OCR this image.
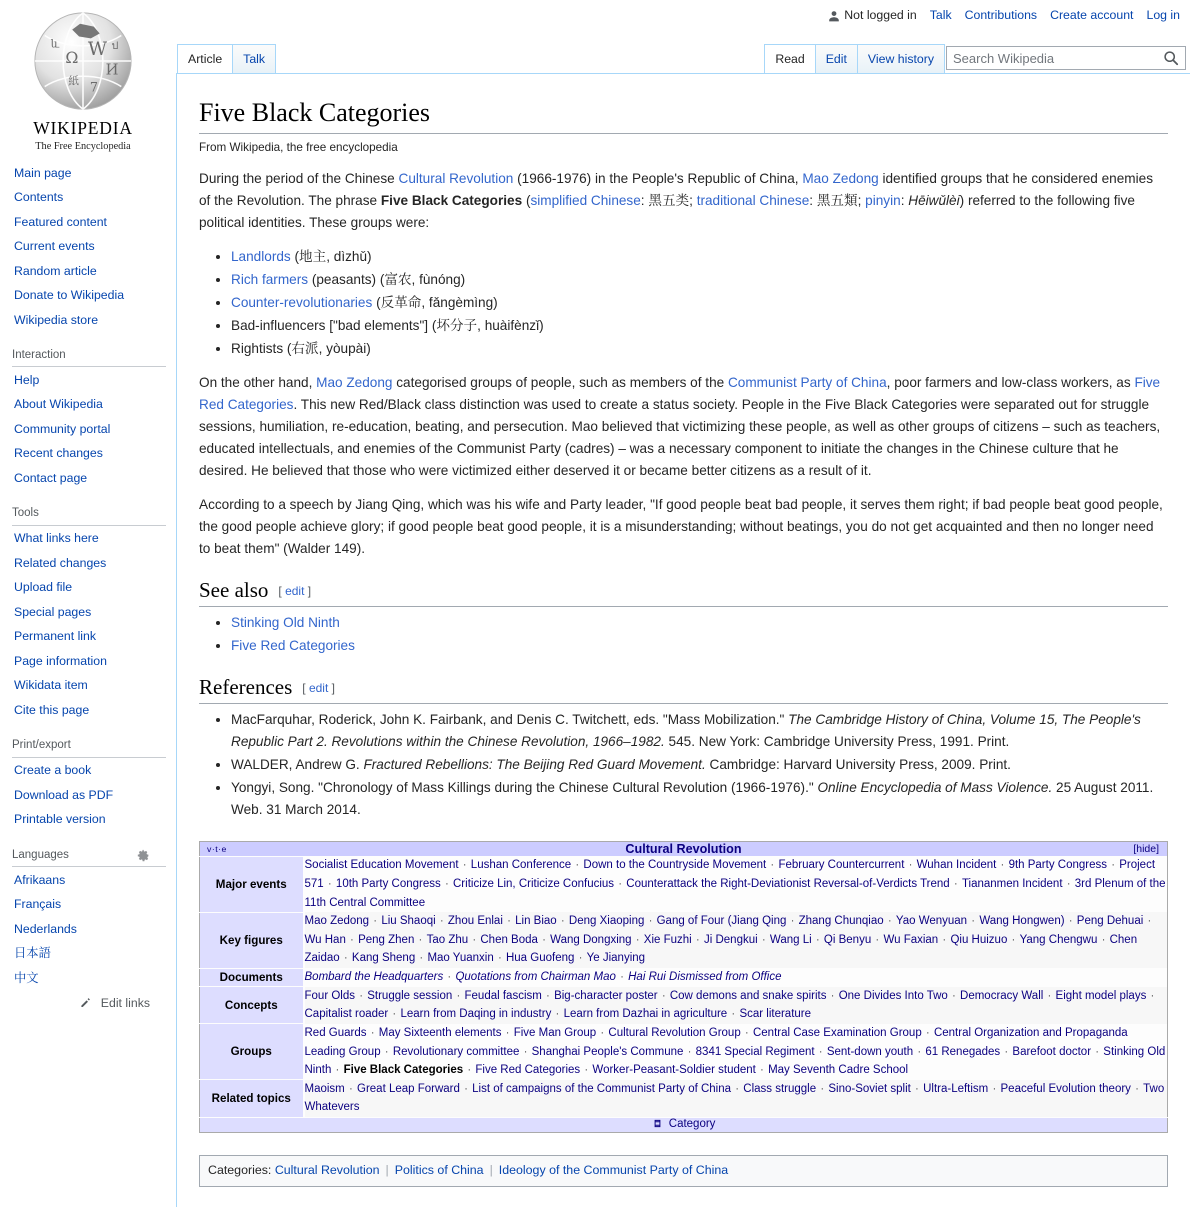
Not logged in Talk Contributions Create account Log in
W
Ω
И
紙 7
և	ป
WIKIPEDIA
The Free Encyclopedia
Main page
Contents
Featured content
Current events
Random article
Donate to Wikipedia
Wikipedia store
Interaction
Help
About Wikipedia
Community portal
Recent changes
Contact page
Tools
What links here
Related changes
Upload file
Special pages
Permanent link
Page information
Wikidata item
Cite this page
Print/export
Create a book
Download as PDF
Printable version
Languages
Afrikaans
Français
Nederlands
日本語
中文
Edit links
Article Talk	Read Edit View history
Search Wikipedia
Five Black Categories
From Wikipedia, the free encyclopedia

During the period of the Chinese Cultural Revolution (1966-1976) in the People's Republic of China, Mao Zedong identified groups that he considered enemies of the Revolution. The phrase Five Black Categories (simplified Chinese: 黑五类; traditional Chinese: 黑五類; pinyin: Hēiwǔlèi) referred to the following five political identities. These groups were:

• Landlords (地主, dìzhǔ)
• Rich farmers (peasants) (富农, fùnóng)
• Counter-revolutionaries (反革命, fǎngèmìng)
• Bad-influencers ["bad elements"] (坏分子, huàifènzǐ)
• Rightists (右派, yòupài)

On the other hand, Mao Zedong categorised groups of people, such as members of the Communist Party of China, poor farmers and low-class workers, as Five Red Categories. This new Red/Black class distinction was used to create a status society. People in the Five Black Categories were separated out for struggle sessions, humiliation, re-education, beating, and persecution. Mao believed that victimizing these people, as well as other groups of citizens – such as teachers, educated intellectuals, and enemies of the Communist Party (cadres) – was a necessary component to initiate the changes in the Chinese culture that he desired. He believed that those who were victimized either deserved it or became better citizens as a result of it.

According to a speech by Jiang Qing, which was his wife and Party leader, "If good people beat bad people, it serves them right; if bad people beat good people, the good people achieve glory; if good people beat good people, it is a misunderstanding; without beatings, you do not get acquainted and then no longer need to beat them" (Walder 149).

See also [ edit ]
• Stinking Old Ninth
• Five Red Categories
References [ edit ]
• MacFarquhar, Roderick, John K. Fairbank, and Denis C. Twitchett, eds. "Mass Mobilization." The Cambridge History of China, Volume 15, The People's Republic Part 2. Revolutions within the Chinese Revolution, 1966–1982. 545. New York: Cambridge University Press, 1991. Print.
• WALDER, Andrew G. Fractured Rebellions: The Beijing Red Guard Movement. Cambridge: Harvard University Press, 2009. Print.
• Yongyi, Song. "Chronology of Mass Killings during the Chinese Cultural Revolution (1966-1976)." Online Encyclopedia of Mass Violence. 25 August 2011. Web. 31 March 2014.
v·t·e Cultural Revolution [hide]	

Major events	Socialist Education Movement · Lushan Conference · Down to the Countryside Movement · February Countercurrent · Wuhan Incident · 9th Party Congress · Project 571 · 10th Party Congress · Criticize Lin, Criticize Confucius · Counterattack the Right-Deviationist Reversal-of-Verdicts Trend · Tiananmen Incident · 3rd Plenum of the 11th Central Committee
Key figures	Mao Zedong · Liu Shaoqi · Zhou Enlai · Lin Biao · Deng Xiaoping · Gang of Four (Jiang Qing · Zhang Chunqiao · Yao Wenyuan · Wang Hongwen) · Peng Dehuai · Wu Han · Peng Zhen · Tao Zhu · Chen Boda · Wang Dongxing · Xie Fuzhi · Ji Dengkui · Wang Li · Qi Benyu · Wu Faxian · Qiu Huizuo · Yang Chengwu · Chen Zaidao · Kang Sheng · Mao Yuanxin · Hua Guofeng · Ye Jianying
Documents	Bombard the Headquarters · Quotations from Chairman Mao · Hai Rui Dismissed from Office
Concepts	Four Olds · Struggle session · Feudal fascism · Big-character poster · Cow demons and snake spirits · One Divides Into Two · Democracy Wall · Eight model plays · Capitalist roader · Learn from Daqing in industry · Learn from Dazhai in agriculture · Scar literature
Groups	Red Guards · May Sixteenth elements · Five Man Group · Cultural Revolution Group · Central Case Examination Group · Central Organization and Propaganda Leading Group · Revolutionary committee · Shanghai People's Commune · 8341 Special Regiment · Sent-down youth · 61 Renegades · Barefoot doctor · Stinking Old Ninth · Five Black Categories · Five Red Categories · Worker-Peasant-Soldier student · May Seventh Cadre School
Related topics	Maoism · Great Leap Forward · List of campaigns of the Communist Party of China · Class struggle · Sino-Soviet split · Ultra-Leftism · Peaceful Evolution theory · Two Whatevers
Category	
Categories: Cultural Revolution | Politics of China | Ideology of the Communist Party of China
